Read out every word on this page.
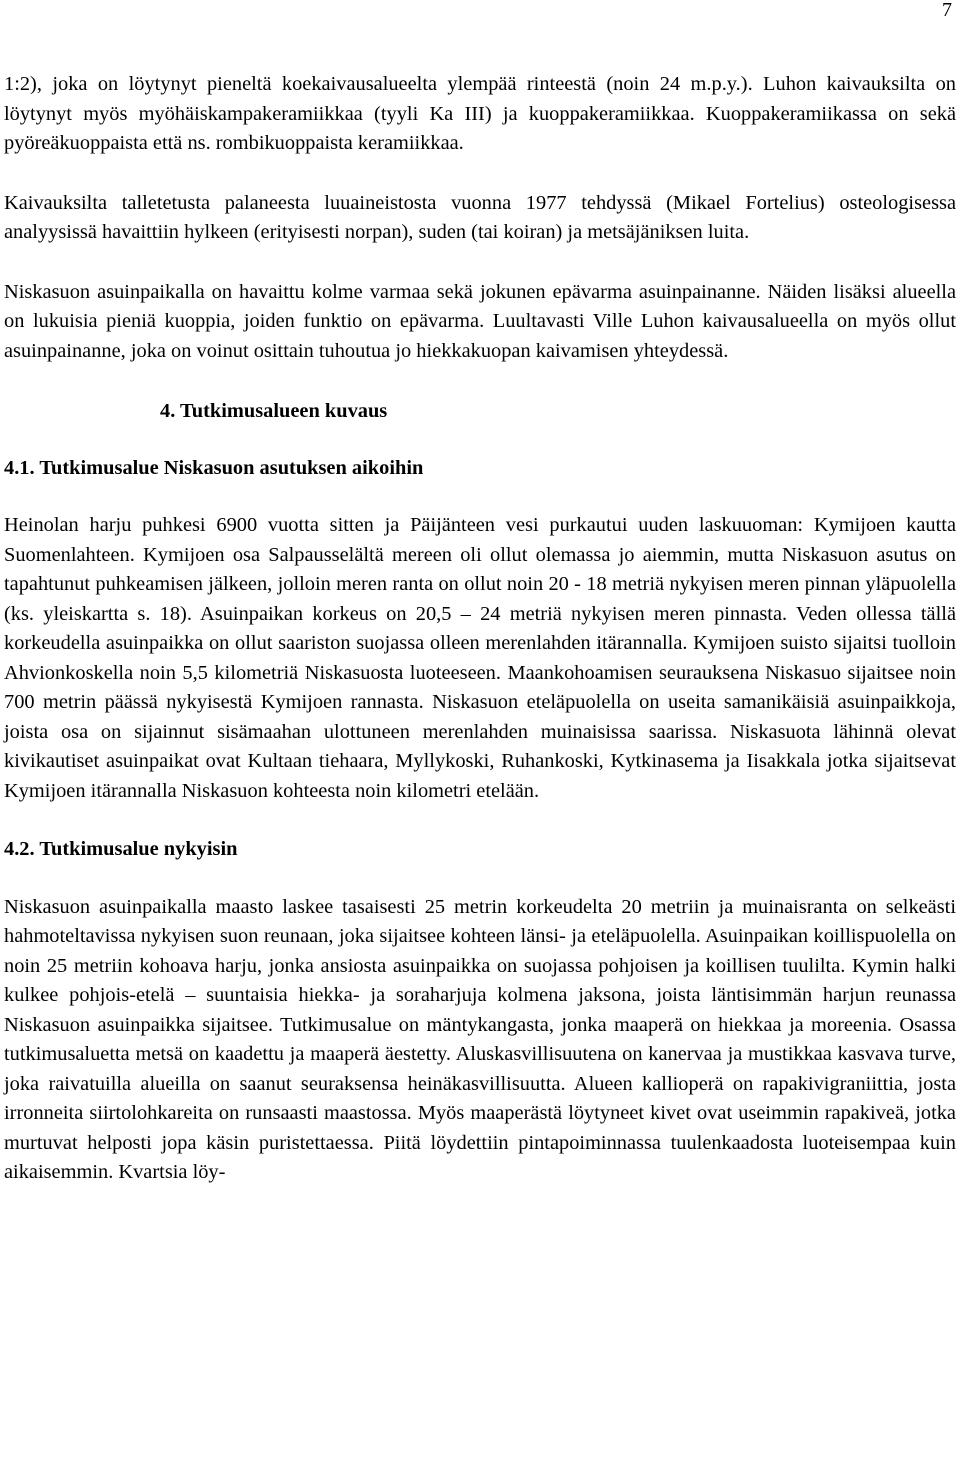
7

1:2), joka on löytynyt pieneltä koekaivausalueelta ylempää rinteestä (noin 24 m.p.y.). Luhon kaivauksilta on löytynyt myös myöhäiskampakeramiikkaa (tyyli Ka III) ja kuoppakeramiikkaa. Kuoppakeramiikassa on sekä pyöreäkuoppaista että ns. rombikuoppaista keramiikkaa.

Kaivauksilta talletetusta palaneesta luuaineistosta vuonna 1977 tehdyssä (Mikael Fortelius) osteologisessa analyysissä havaittiin hylkeen (erityisesti norpan), suden (tai koiran) ja metsäjäniksen luita.

Niskasuon asuinpaikalla on havaittu kolme varmaa sekä jokunen epävarma asuinpainanne. Näiden lisäksi alueella on lukuisia pieniä kuoppia, joiden funktio on epävarma. Luultavasti Ville Luhon kaivausalueella on myös ollut asuinpainanne, joka on voinut osittain tuhoutua jo hiekkakuopan kaivamisen yhteydessä.

4. Tutkimusalueen kuvaus
4.1. Tutkimusalue Niskasuon asutuksen aikoihin

Heinolan harju puhkesi 6900 vuotta sitten ja Päijänteen vesi purkautui uuden laskuuoman: Kymijoen kautta Suomenlahteen. Kymijoen osa Salpausselältä mereen oli ollut olemassa jo aiemmin, mutta Niskasuon asutus on tapahtunut puhkeamisen jälkeen, jolloin meren ranta on ollut noin 20 - 18 metriä nykyisen meren pinnan yläpuolella (ks. yleiskartta s. 18). Asuinpaikan korkeus on 20,5 – 24 metriä nykyisen meren pinnasta. Veden ollessa tällä korkeudella asuinpaikka on ollut saariston suojassa olleen merenlahden itärannalla. Kymijoen suisto sijaitsi tuolloin Ahvionkoskella noin 5,5 kilometriä Niskasuosta luoteeseen. Maankohoamisen seurauksena Niskasuo sijaitsee noin 700 metrin päässä nykyisestä Kymijoen rannasta. Niskasuon eteläpuolella on useita samanikäisiä asuinpaikkoja, joista osa on sijainnut sisämaahan ulottuneen merenlahden muinaisissa saarissa. Niskasuota lähinnä olevat kivikautiset asuinpaikat ovat Kultaan tiehaara, Myllykoski, Ruhankoski, Kytkinasema ja Iisakkala jotka sijaitsevat Kymijoen itärannalla Niskasuon kohteesta noin kilometri etelään.

4.2. Tutkimusalue nykyisin

Niskasuon asuinpaikalla maasto laskee tasaisesti 25 metrin korkeudelta 20 metriin ja muinaisranta on selkeästi hahmoteltavissa nykyisen suon reunaan, joka sijaitsee kohteen länsi- ja eteläpuolella. Asuinpaikan koillispuolella on noin 25 metriin kohoava harju, jonka ansiosta asuinpaikka on suojassa pohjoisen ja koillisen tuulilta. Kymin halki kulkee pohjois-etelä – suuntaisia hiekka- ja soraharjuja kolmena jaksona, joista läntisimmän harjun reunassa Niskasuon asuinpaikka sijaitsee. Tutkimusalue on mäntykangasta, jonka maaperä on hiekkaa ja moreenia. Osassa tutkimusaluetta metsä on kaadettu ja maaperä äestetty. Aluskasvillisuutena on kanervaa ja mustikkaa kasvava turve, joka raivatuilla alueilla on saanut seuraksensa heinäkasvillisuutta. Alueen kallioperä on rapakivigraniittia, josta irronneita siirtolohkareita on runsaasti maastossa. Myös maaperästä löytyneet kivet ovat useimmin rapakiveä, jotka murtuvat helposti jopa käsin puristettaessa. Piitä löydettiin pintapoiminnassa tuulenkaadosta luoteisempaa kuin aikaisemmin. Kvartsia löy-
